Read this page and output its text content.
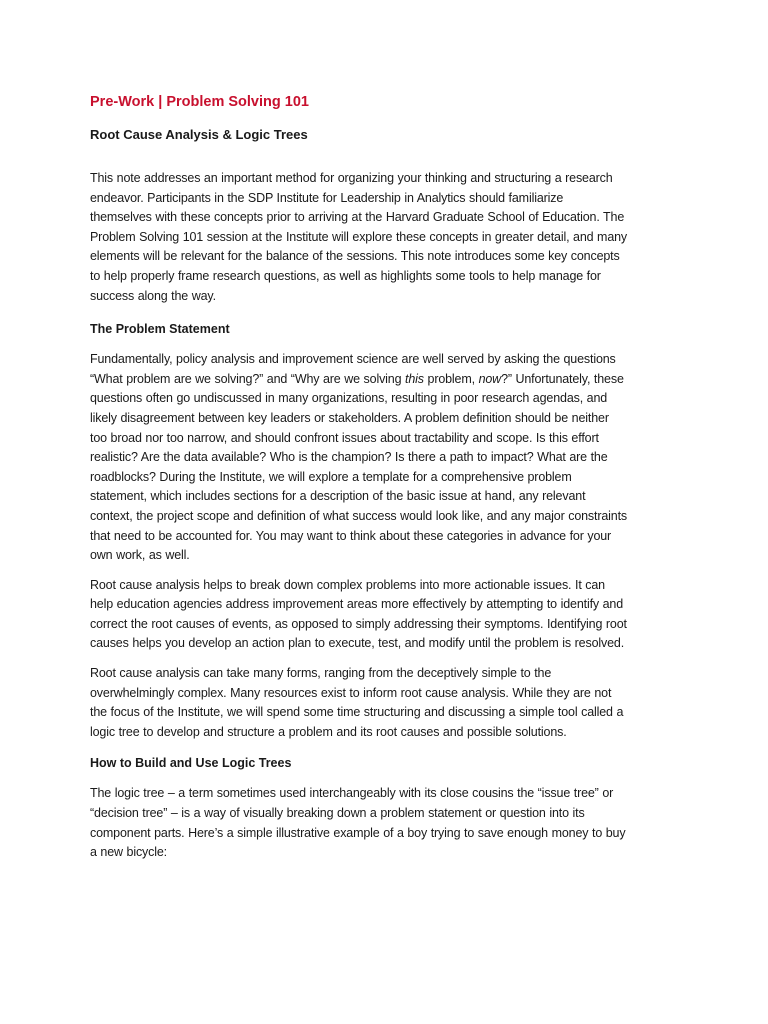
Pre-Work | Problem Solving 101
Root Cause Analysis & Logic Trees

This note addresses an important method for organizing your thinking and structuring a research endeavor. Participants in the SDP Institute for Leadership in Analytics should familiarize themselves with these concepts prior to arriving at the Harvard Graduate School of Education. The Problem Solving 101 session at the Institute will explore these concepts in greater detail, and many elements will be relevant for the balance of the sessions. This note introduces some key concepts to help properly frame research questions, as well as highlights some tools to help manage for success along the way.

The Problem Statement

Fundamentally, policy analysis and improvement science are well served by asking the questions “What problem are we solving?” and “Why are we solving this problem, now?” Unfortunately, these questions often go undiscussed in many organizations, resulting in poor research agendas, and likely disagreement between key leaders or stakeholders. A problem definition should be neither too broad nor too narrow, and should confront issues about tractability and scope. Is this effort realistic? Are the data available? Who is the champion? Is there a path to impact? What are the roadblocks? During the Institute, we will explore a template for a comprehensive problem statement, which includes sections for a description of the basic issue at hand, any relevant context, the project scope and definition of what success would look like, and any major constraints that need to be accounted for. You may want to think about these categories in advance for your own work, as well.

Root cause analysis helps to break down complex problems into more actionable issues. It can help education agencies address improvement areas more effectively by attempting to identify and correct the root causes of events, as opposed to simply addressing their symptoms. Identifying root causes helps you develop an action plan to execute, test, and modify until the problem is resolved.

Root cause analysis can take many forms, ranging from the deceptively simple to the overwhelmingly complex. Many resources exist to inform root cause analysis. While they are not the focus of the Institute, we will spend some time structuring and discussing a simple tool called a logic tree to develop and structure a problem and its root causes and possible solutions.

How to Build and Use Logic Trees

The logic tree – a term sometimes used interchangeably with its close cousins the “issue tree” or “decision tree” – is a way of visually breaking down a problem statement or question into its component parts. Here’s a simple illustrative example of a boy trying to save enough money to buy a new bicycle:
